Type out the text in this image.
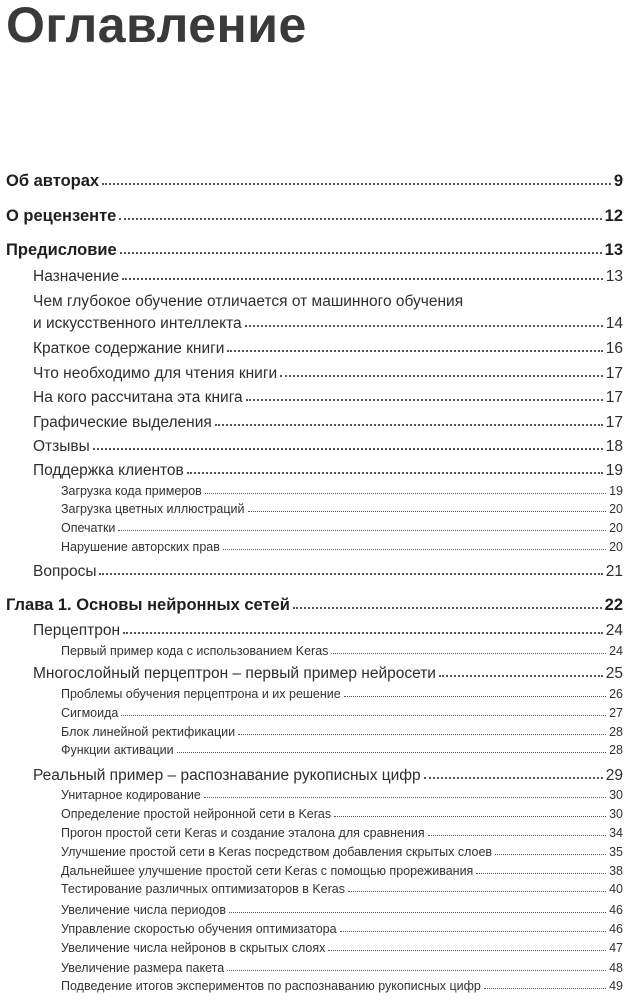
Оглавление
Об авторах	9
О рецензенте	12
Предисловие	13
Назначение	13
Чем глубокое обучение отличается от машинного обучения
и искусственного интеллекта	14
Краткое содержание книги	16
Что необходимо для чтения книги	17
На кого рассчитана эта книга	17
Графические выделения	17
Отзывы	18
Поддержка клиентов	19
Загрузка кода примеров	19
Загрузка цветных иллюстраций	20
Опечатки	20
Нарушение авторских прав	20
Вопросы	21
Глава 1. Основы нейронных сетей	22
Перцептрон	24
Первый пример кода с использованием Keras	24
Многослойный перцептрон – первый пример нейросети	25
Проблемы обучения перцептрона и их решение	26
Сигмоида	27
Блок линейной ректификации	28
Функции активации	28
Реальный пример – распознавание рукописных цифр	29
Унитарное кодирование	30
Определение простой нейронной сети в Keras	30
Прогон простой сети Keras и создание эталона для сравнения	34
Улучшение простой сети в Keras посредством добавления скрытых слоев	35
Дальнейшее улучшение простой сети Keras с помощью прореживания	38
Тестирование различных оптимизаторов в Keras	40
Увеличение числа периодов	46
Управление скоростью обучения оптимизатора	46
Увеличение числа нейронов в скрытых слоях	47
Увеличение размера пакета	48
Подведение итогов экспериментов по распознаванию рукописных цифр	49
